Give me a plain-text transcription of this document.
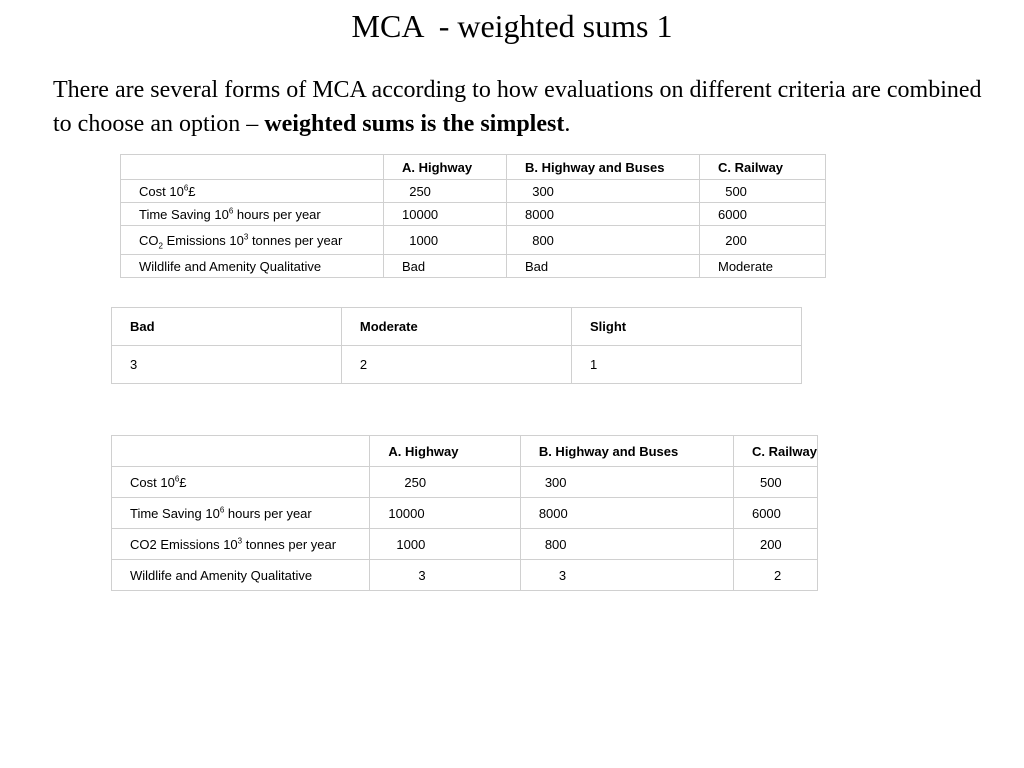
MCA  - weighted sums 1
There are several forms of MCA according to how evaluations on different criteria are combined to choose an option – weighted sums is the simplest.
	A. Highway	B. Highway and Buses	C. Railway
Cost $10^6£$	250	300	500
Time Saving $10^6$ hours per year	10000	8000	6000
$CO_2$ Emissions $10^3$ tonnes per year	1000	800	200
Wildlife and Amenity Qualitative	Bad	Bad	Moderate
Bad	Moderate	Slight
3	2	1
	A. Highway	B. Highway and Buses	C. Railway
Cost $10^6£$	250	300	500
Time Saving $10^6$ hours per year	10000	8000	6000
CO2 Emissions $10^3$ tonnes per year	1000	800	200
Wildlife and Amenity Qualitative	3	3	2
